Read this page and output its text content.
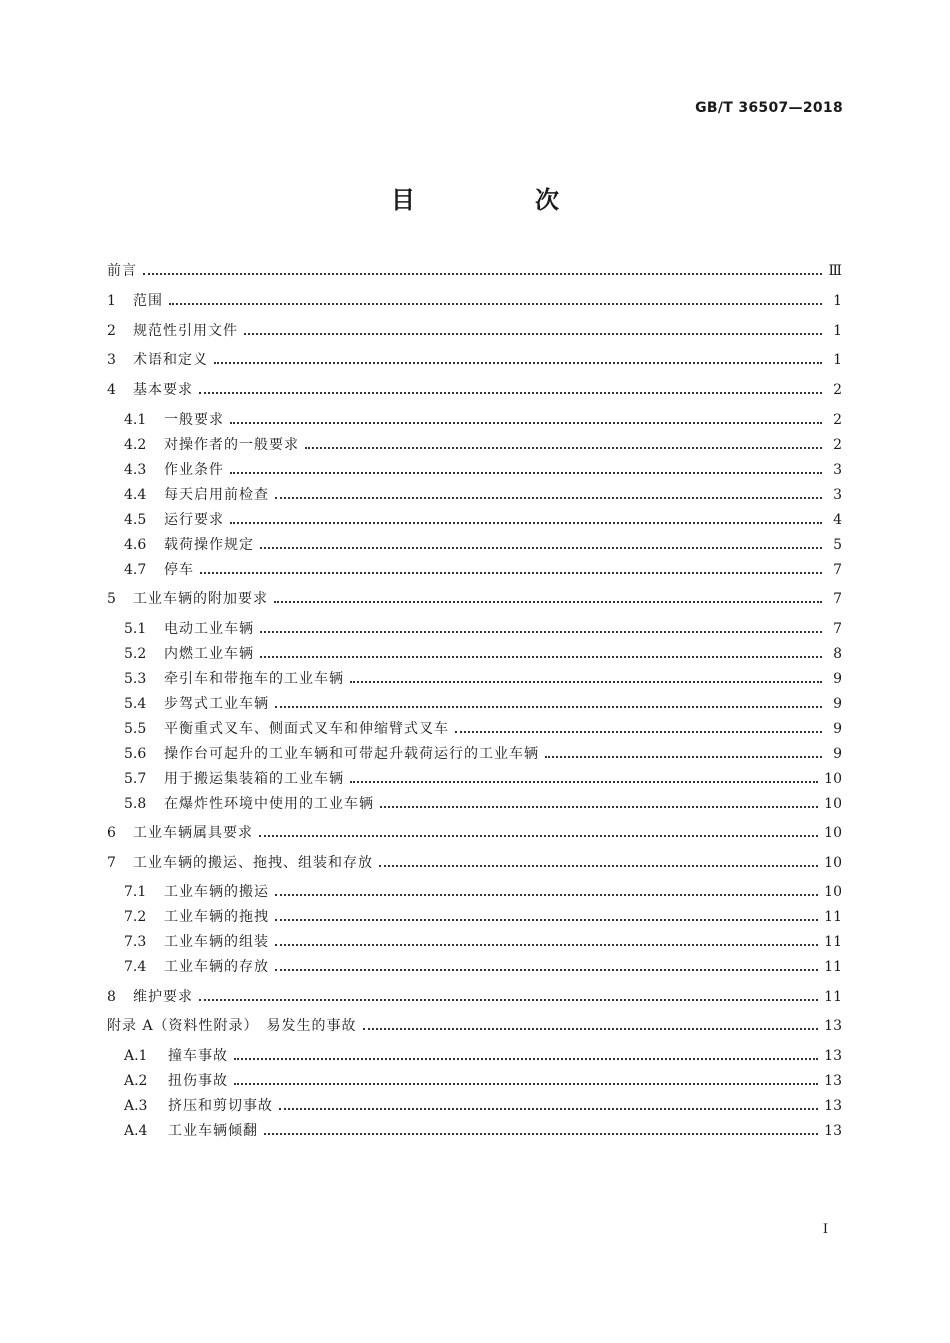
GB/T 36507—2018
目　次
前言	Ⅲ
1	范围	1
2	规范性引用文件	1
3	术语和定义	1
4	基本要求	2
4.1	一般要求	2
4.2	对操作者的一般要求	2
4.3	作业条件	3
4.4	每天启用前检查	3
4.5	运行要求	4
4.6	载荷操作规定	5
4.7	停车	7
5	工业车辆的附加要求	7
5.1	电动工业车辆	7
5.2	内燃工业车辆	8
5.3	牵引车和带拖车的工业车辆	9
5.4	步驾式工业车辆	9
5.5	平衡重式叉车、侧面式叉车和伸缩臂式叉车	9
5.6	操作台可起升的工业车辆和可带起升载荷运行的工业车辆	9
5.7	用于搬运集装箱的工业车辆	10
5.8	在爆炸性环境中使用的工业车辆	10
6	工业车辆属具要求	10
7	工业车辆的搬运、拖拽、组装和存放	10
7.1	工业车辆的搬运	10
7.2	工业车辆的拖拽	11
7.3	工业车辆的组装	11
7.4	工业车辆的存放	11
8	维护要求	11
附录 A（资料性附录）　易发生的事故	13
A.1	撞车事故	13
A.2	扭伤事故	13
A.3	挤压和剪切事故	13
A.4	工业车辆倾翻	13
Ⅰ
